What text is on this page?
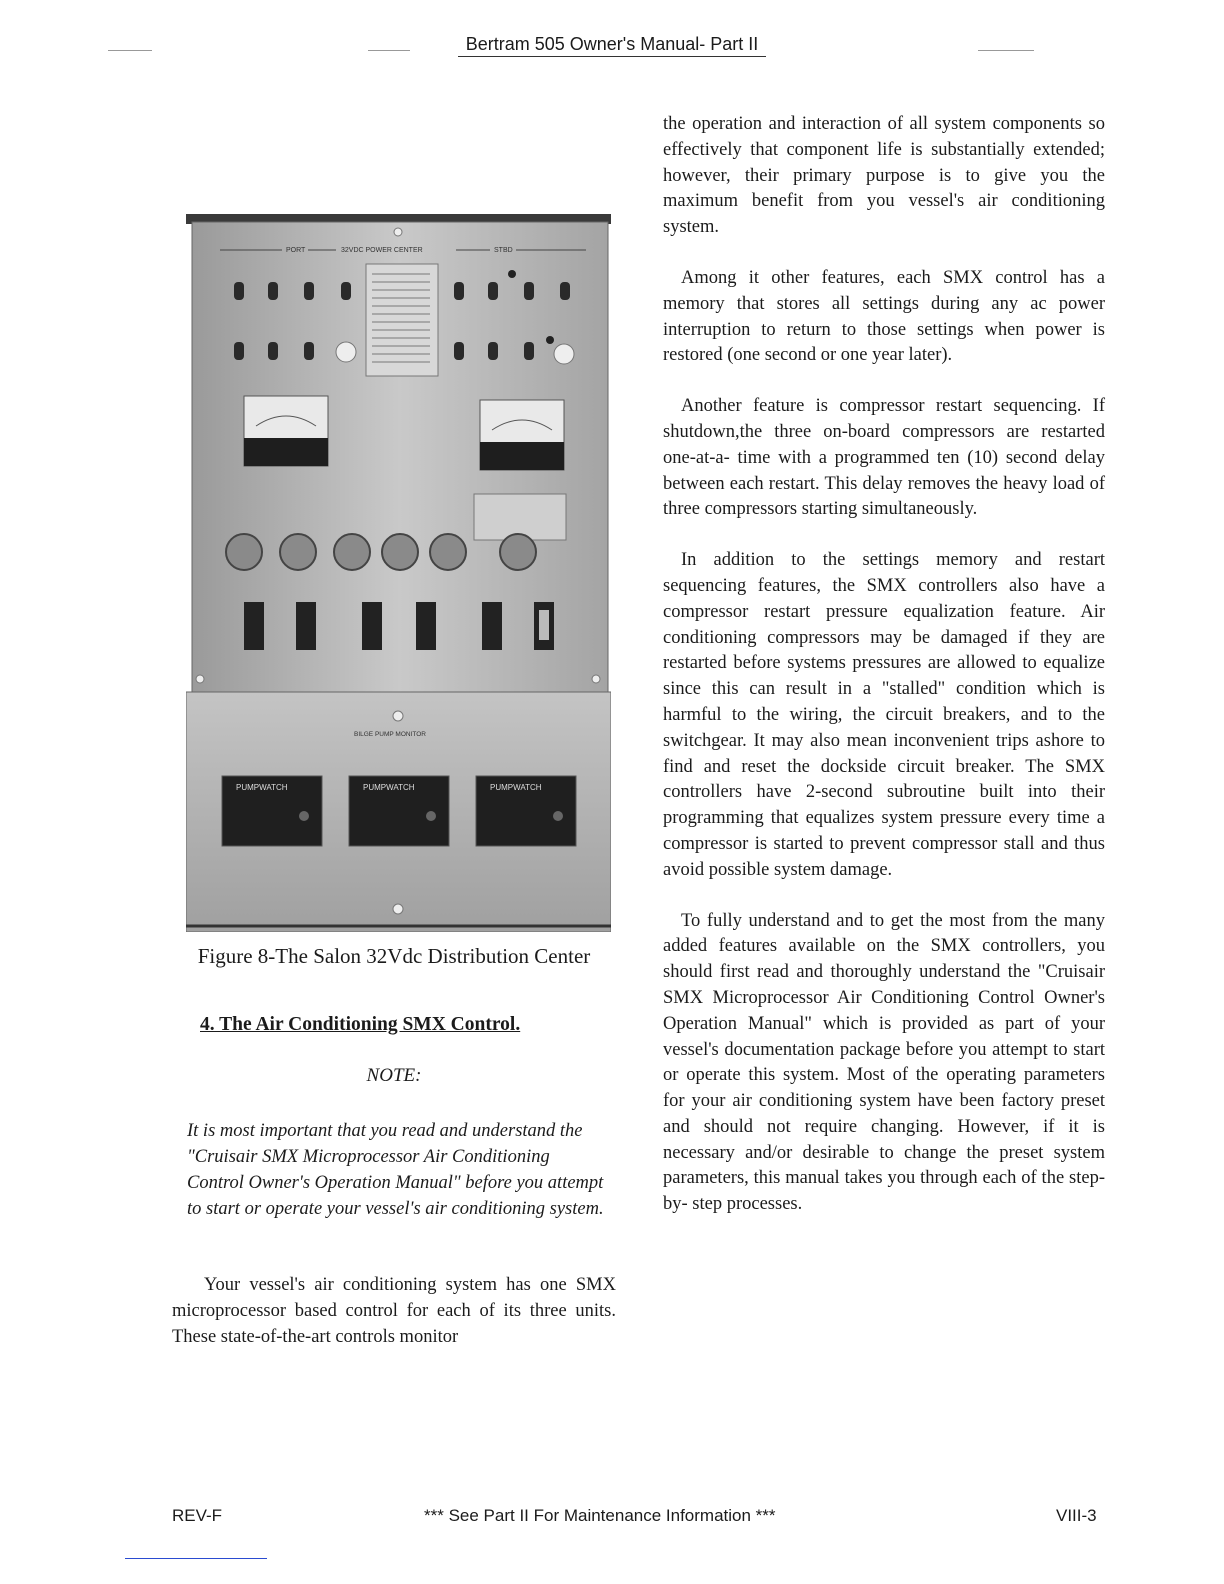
Bertram 505 Owner's Manual- Part II
PORT	32VDC POWER CENTER	STBD
BILGE PUMP MONITOR
PUMPWATCH	PUMPWATCH	PUMPWATCH
Figure 8-The Salon 32Vdc Distribution Center
4. The Air Conditioning SMX Control.
NOTE:
It is most important that you read and understand the "Cruisair SMX Microprocessor Air Conditioning Control Owner's Operation Manual" before you attempt to start or operate your vessel's air conditioning system.
Your vessel's air conditioning system has one SMX microprocessor based control for each of its three units. These state-of-the-art controls monitor

the operation and interaction of all system components so effectively that component life is substantially extended; however, their primary purpose is to give you the maximum benefit from you vessel's air conditioning system.

Among it other features, each SMX control has a memory that stores all settings during any ac power interruption to return to those settings when power is restored (one second or one year later).

Another feature is compressor restart sequencing. If shutdown,the three on-board compressors are restarted one-at-a- time with a programmed ten (10) second delay between each restart. This delay removes the heavy load of three compressors starting simultaneously.

In addition to the settings memory and restart sequencing features, the SMX controllers also have a compressor restart pressure equalization feature. Air conditioning compressors may be damaged if they are restarted before systems pressures are allowed to equalize since this can result in a "stalled" condition which is harmful to the wiring, the circuit breakers, and to the switchgear. It may also mean inconvenient trips ashore to find and reset the dockside circuit breaker. The SMX controllers have 2-second subroutine built into their programming that equalizes system pressure every time a compressor is started to prevent compressor stall and thus avoid possible system damage.

To fully understand and to get the most from the many added features available on the SMX controllers, you should first read and thoroughly understand the "Cruisair SMX Microprocessor Air Conditioning Control Owner's Operation Manual" which is provided as part of your vessel's documentation package before you attempt to start or operate this system. Most of the operating parameters for your air conditioning system have been factory preset and should not require changing. However, if it is necessary and/or desirable to change the preset system parameters, this manual takes you through each of the step-by- step processes.

REV-F	*** See Part II For Maintenance Information ***	VIII-3
